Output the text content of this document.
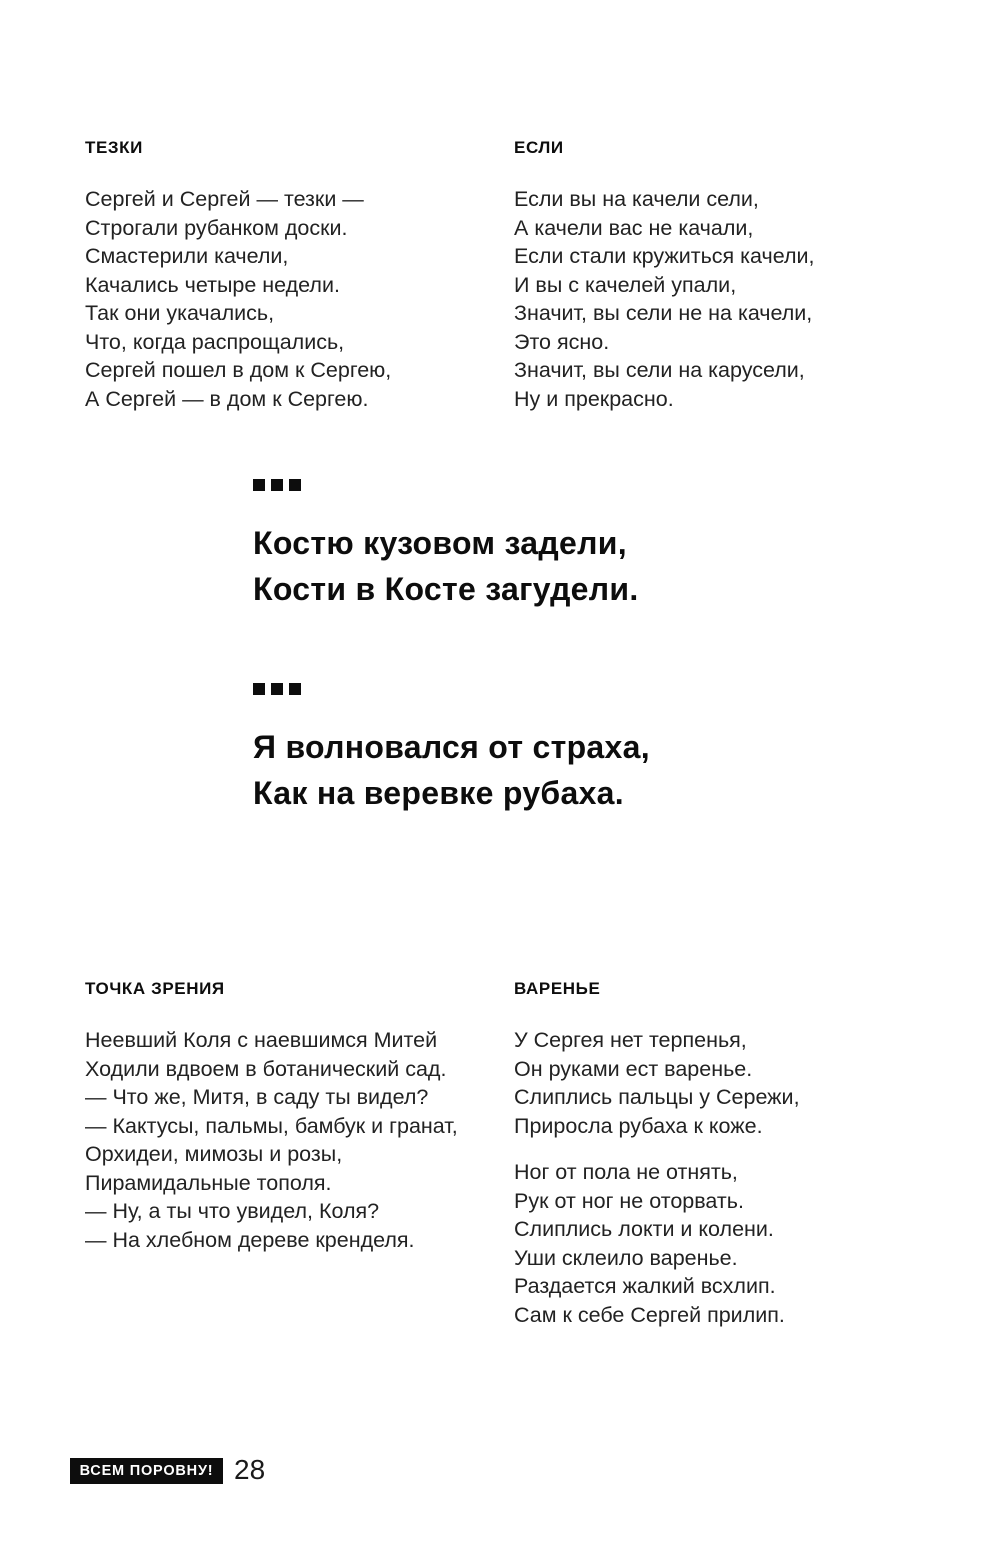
ТЕЗКИ
Сергей и Сергей — тезки —
Строгали рубанком доски.
Смастерили качели,
Качались четыре недели.
Так они укачались,
Что, когда распрощались,
Сергей пошел в дом к Сергею,
А Сергей — в дом к Сергею.
ЕСЛИ
Если вы на качели сели,
А качели вас не качали,
Если стали кружиться качели,
И вы с качелей упали,
Значит, вы сели не на качели,
Это ясно.
Значит, вы сели на карусели,
Ну и прекрасно.
Костю кузовом задели,
Кости в Косте загудели.
Я волновался от страха,
Как на веревке рубаха.
ТОЧКА ЗРЕНИЯ
Неевший Коля с наевшимся Митей
Ходили вдвоем в ботанический сад.
— Что же, Митя, в саду ты видел?
— Кактусы, пальмы, бамбук и гранат,
Орхидеи, мимозы и розы,
Пирамидальные тополя.
— Ну, а ты что увидел, Коля?
— На хлебном дереве кренделя.
ВАРЕНЬЕ
У Сергея нет терпенья,
Он руками ест варенье.
Слиплись пальцы у Сережи,
Приросла рубаха к коже.
Ног от пола не отнять,
Рук от ног не оторвать.
Слиплись локти и колени.
Уши склеило варенье.
Раздается жалкий всхлип.
Сам к себе Сергей прилип.
ВСЕМ ПОРОВНУ! 28
